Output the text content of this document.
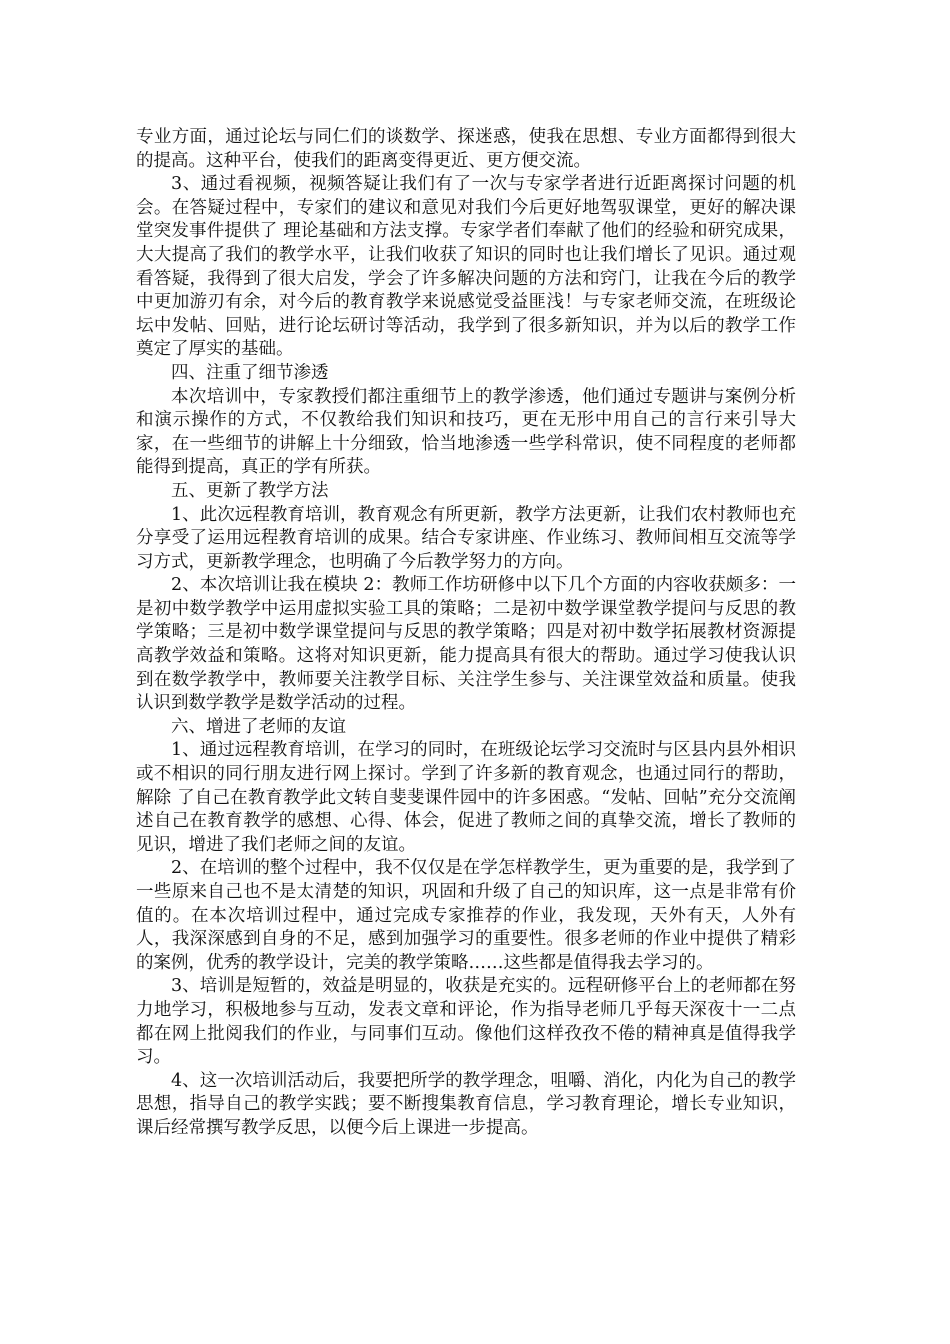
专业方面，通过论坛与同仁们的谈数学、探迷惑，使我在思想、专业方面都得到很大的提高。这种平台，使我们的距离变得更近、更方便交流。

3、通过看视频，视频答疑让我们有了一次与专家学者进行近距离探讨问题的机会。在答疑过程中，专家们的建议和意见对我们今后更好地驾驭课堂，更好的解决课堂突发事件提供了 理论基础和方法支撑。专家学者们奉献了他们的经验和研究成果，大大提高了我们的教学水平，让我们收获了知识的同时也让我们增长了见识。通过观看答疑，我得到了很大启发，学会了许多解决问题的方法和窍门，让我在今后的教学中更加游刃有余，对今后的教育教学来说感觉受益匪浅！与专家老师交流，在班级论坛中发帖、回贴，进行论坛研讨等活动，我学到了很多新知识，并为以后的教学工作奠定了厚实的基础。

四、注重了细节渗透

本次培训中，专家教授们都注重细节上的教学渗透，他们通过专题讲与案例分析和演示操作的方式，不仅教给我们知识和技巧，更在无形中用自己的言行来引导大家，在一些细节的讲解上十分细致，恰当地渗透一些学科常识，使不同程度的老师都能得到提高，真正的学有所获。

五、更新了教学方法

1、此次远程教育培训，教育观念有所更新，教学方法更新，让我们农村教师也充分享受了运用远程教育培训的成果。结合专家讲座、作业练习、教师间相互交流等学习方式，更新教学理念，也明确了今后教学努力的方向。

2、本次培训让我在模块 2：教师工作坊研修中以下几个方面的内容收获颇多：一是初中数学教学中运用虚拟实验工具的策略；二是初中数学课堂教学提问与反思的教学策略；三是初中数学课堂提问与反思的教学策略；四是对初中数学拓展教材资源提高教学效益和策略。这将对知识更新，能力提高具有很大的帮助。通过学习使我认识到在数学教学中，教师要关注教学目标、关注学生参与、关注课堂效益和质量。使我认识到数学教学是数学活动的过程。

六、增进了老师的友谊

1、通过远程教育培训，在学习的同时，在班级论坛学习交流时与区县内县外相识或不相识的同行朋友进行网上探讨。学到了许多新的教育观念，也通过同行的帮助，解除 了自己在教育教学此文转自斐斐课件园中的许多困惑。“发帖、回帖”充分交流阐述自己在教育教学的感想、心得、体会，促进了教师之间的真挚交流，增长了教师的见识，增进了我们老师之间的友谊。

2、在培训的整个过程中，我不仅仅是在学怎样教学生，更为重要的是，我学到了一些原来自己也不是太清楚的知识，巩固和升级了自己的知识库，这一点是非常有价值的。在本次培训过程中，通过完成专家推荐的作业，我发现，天外有天，人外有人，我深深感到自身的不足，感到加强学习的重要性。很多老师的作业中提供了精彩的案例，优秀的教学设计，完美的教学策略……这些都是值得我去学习的。

3、培训是短暂的，效益是明显的，收获是充实的。远程研修平台上的老师都在努力地学习，积极地参与互动，发表文章和评论，作为指导老师几乎每天深夜十一二点都在网上批阅我们的作业，与同事们互动。像他们这样孜孜不倦的精神真是值得我学习。

4、这一次培训活动后，我要把所学的教学理念，咀嚼、消化，内化为自己的教学思想，指导自己的教学实践；要不断搜集教育信息，学习教育理论，增长专业知识，课后经常撰写教学反思，以便今后上课进一步提高。
